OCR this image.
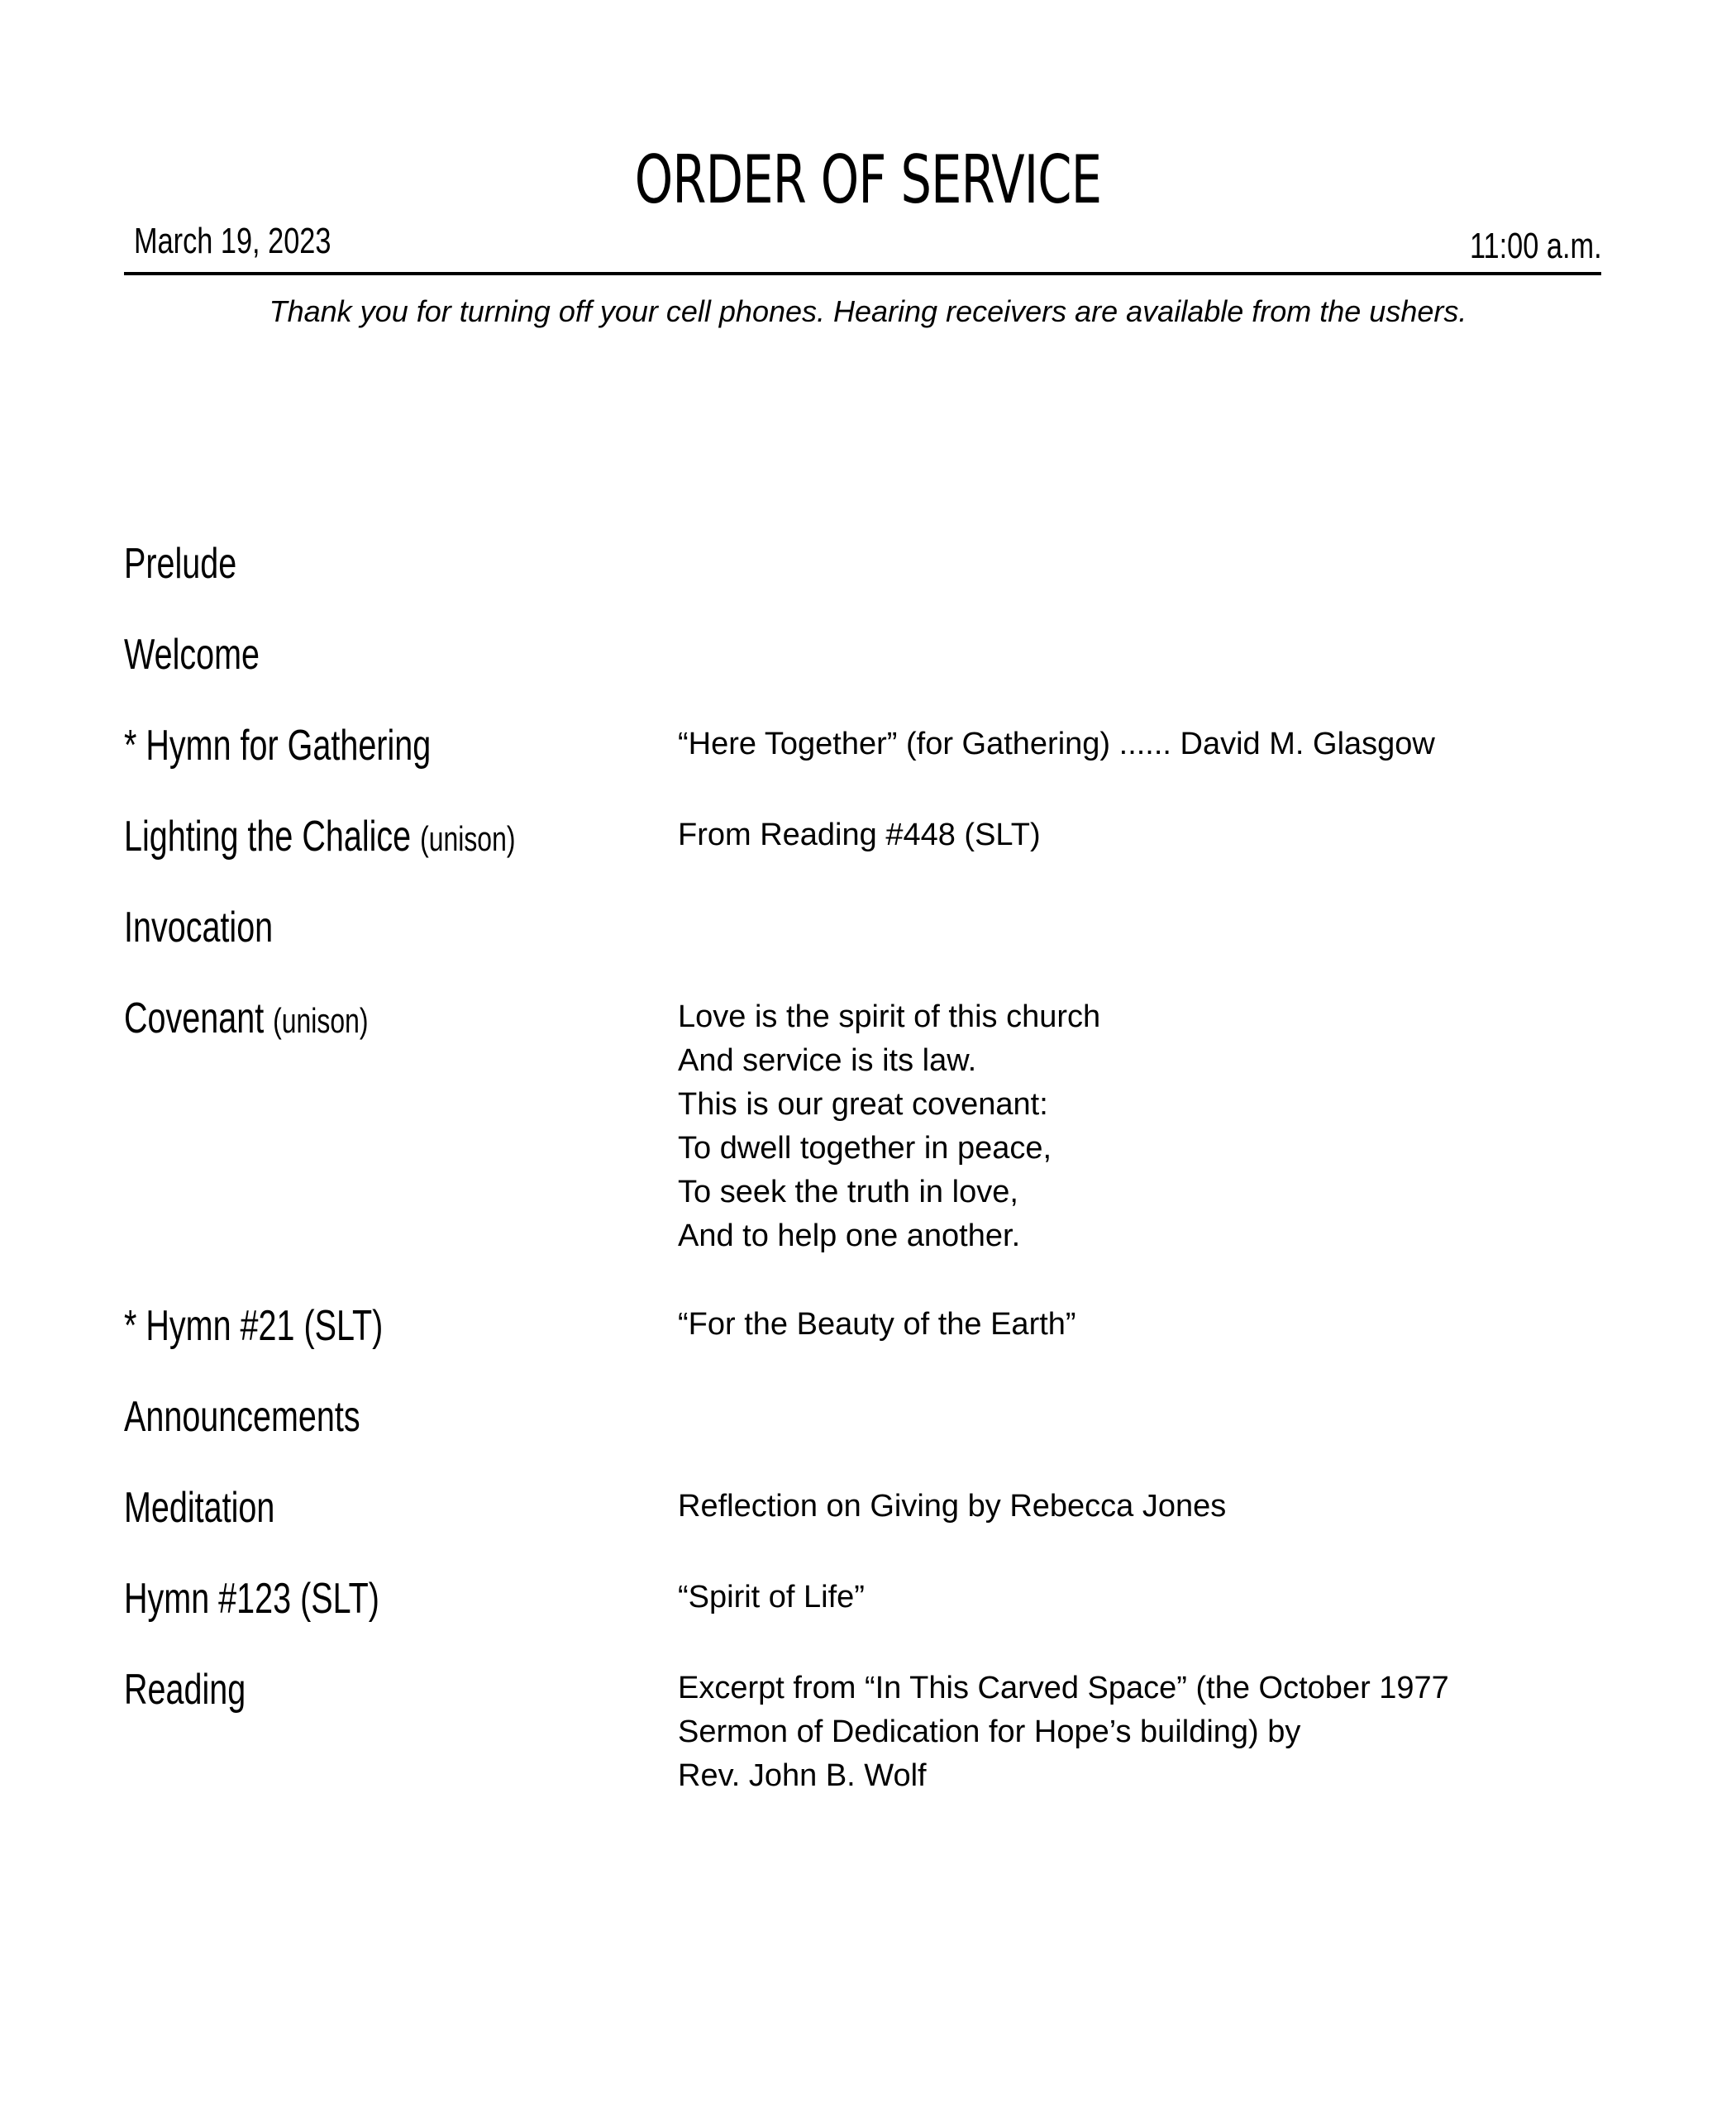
ORDER OF SERVICE
March 19, 2023	11:00 a.m.
Thank you for turning off your cell phones. Hearing receivers are available from the ushers.
Prelude
Welcome
* Hymn for Gathering	“Here Together” (for Gathering) ...... David M. Glasgow
Lighting the Chalice (unison)	From Reading #448 (SLT)
Invocation
Covenant (unison)	Love is the spirit of this church
And service is its law.
This is our great covenant:
To dwell together in peace,
To seek the truth in love,
And to help one another.
* Hymn #21 (SLT)	“For the Beauty of the Earth”
Announcements
Meditation	Reflection on Giving by Rebecca Jones
Hymn #123 (SLT)	“Spirit of Life”
Reading	Excerpt from “In This Carved Space” (the October 1977
Sermon of Dedication for Hope’s building) by
Rev. John B. Wolf
